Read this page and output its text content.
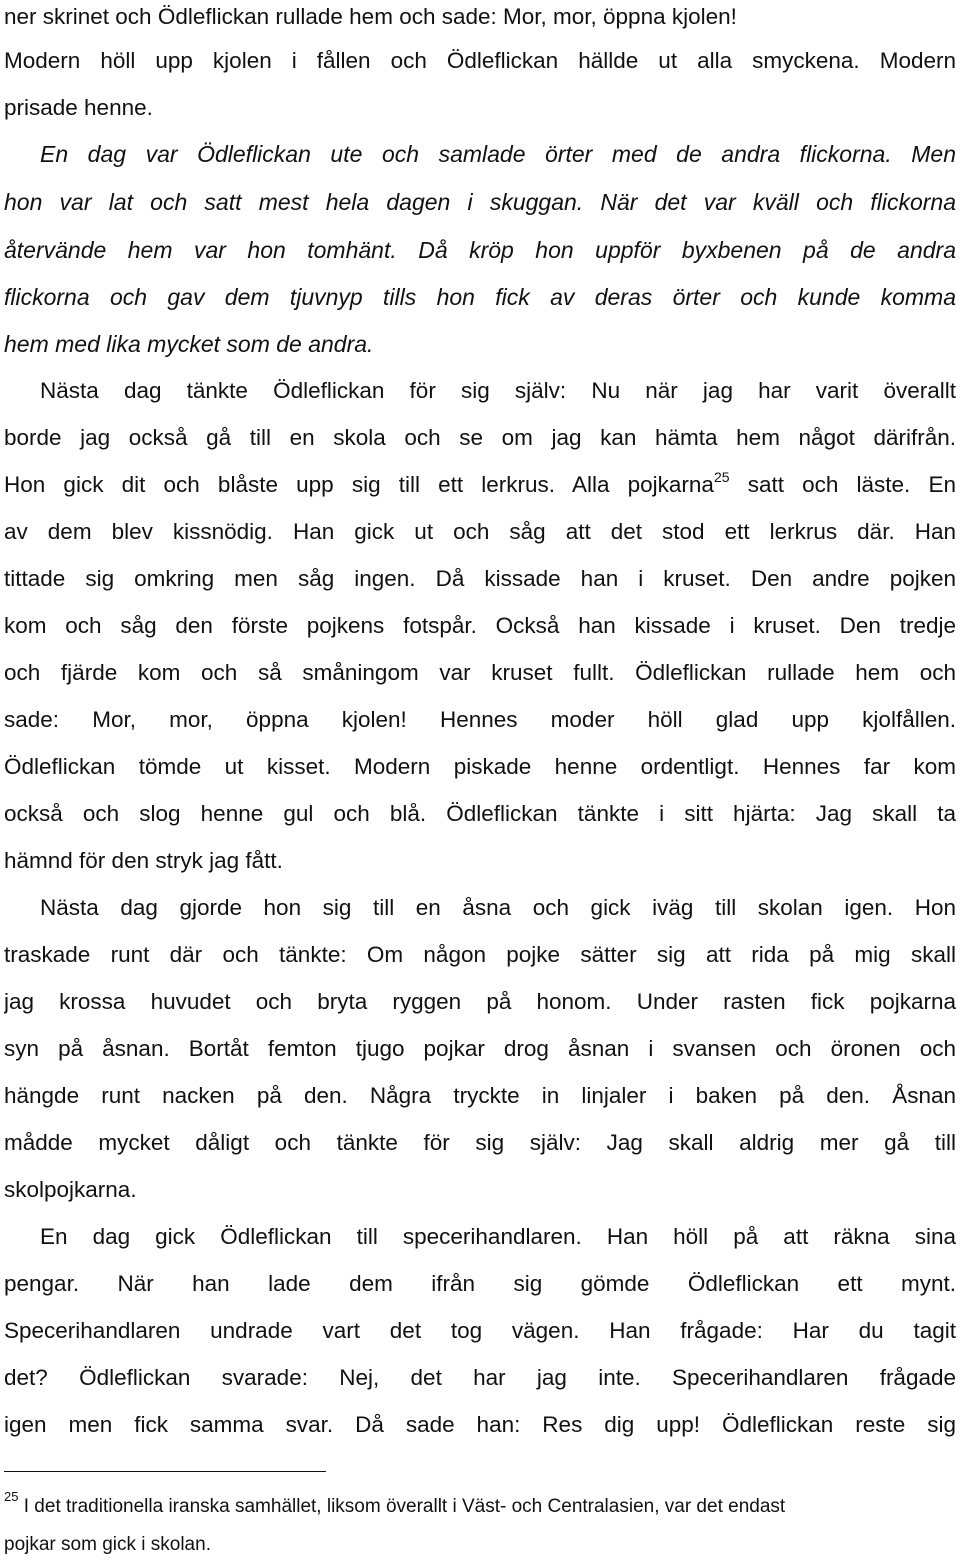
ner skrinet och Ödleflickan rullade hem och sade: Mor, mor, öppna kjolen!
Modern höll upp kjolen i fållen och Ödleflickan hällde ut alla smyckena. Modern
prisade henne.
En dag var Ödleflickan ute och samlade örter med de andra flickorna. Men
hon var lat och satt mest hela dagen i skuggan. När det var kväll och flickorna
återvände hem var hon tomhänt. Då kröp hon uppför byxbenen på de andra
flickorna och gav dem tjuvnyp tills hon fick av deras örter och kunde komma
hem med lika mycket som de andra.
Nästa dag tänkte Ödleflickan för sig själv: Nu när jag har varit överallt
borde jag också gå till en skola och se om jag kan hämta hem något därifrån.
Hon gick dit och blåste upp sig till ett lerkrus. Alla pojkarna$^{25}$ satt och läste. En
av dem blev kissnödig. Han gick ut och såg att det stod ett lerkrus där. Han
tittade sig omkring men såg ingen. Då kissade han i kruset. Den andre pojken
kom och såg den förste pojkens fotspår. Också han kissade i kruset. Den tredje
och fjärde kom och så småningom var kruset fullt. Ödleflickan rullade hem och
sade: Mor, mor, öppna kjolen! Hennes moder höll glad upp kjolfållen.
Ödleflickan tömde ut kisset. Modern piskade henne ordentligt. Hennes far kom
också och slog henne gul och blå. Ödleflickan tänkte i sitt hjärta: Jag skall ta
hämnd för den stryk jag fått.
Nästa dag gjorde hon sig till en åsna och gick iväg till skolan igen. Hon
traskade runt där och tänkte: Om någon pojke sätter sig att rida på mig skall
jag krossa huvudet och bryta ryggen på honom. Under rasten fick pojkarna
syn på åsnan. Bortåt femton tjugo pojkar drog åsnan i svansen och öronen och
hängde runt nacken på den. Några tryckte in linjaler i baken på den. Åsnan
mådde mycket dåligt och tänkte för sig själv: Jag skall aldrig mer gå till
skolpojkarna.
En dag gick Ödleflickan till specerihandlaren. Han höll på att räkna sina
pengar. När han lade dem ifrån sig gömde Ödleflickan ett mynt.
Specerihandlaren undrade vart det tog vägen. Han frågade: Har du tagit
det? Ödleflickan svarade: Nej, det har jag inte. Specerihandlaren frågade
igen men fick samma svar. Då sade han: Res dig upp! Ödleflickan reste sig
$^{25}$ I det traditionella iranska samhället, liksom överallt i Väst- och Centralasien, var det endast
pojkar som gick i skolan.
